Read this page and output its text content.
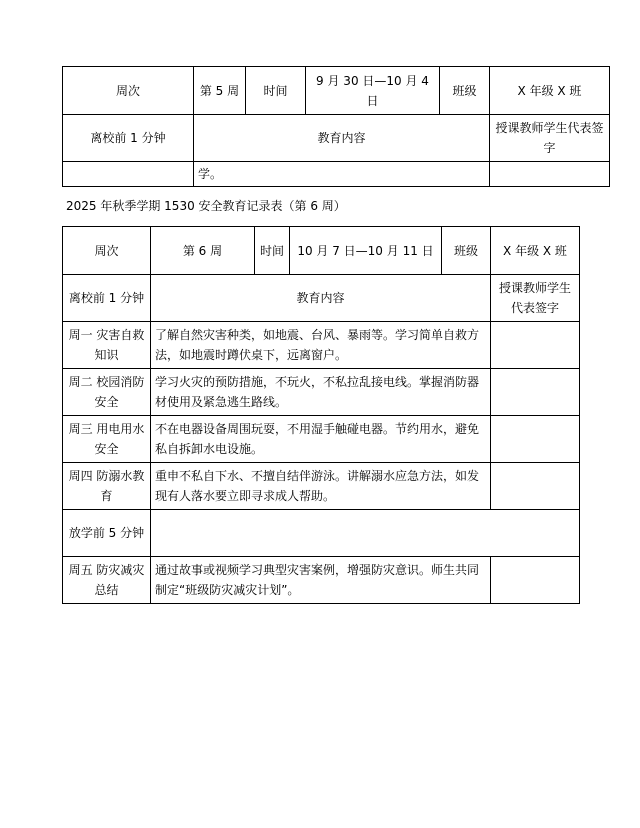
周次	第 5 周	时间	9 月 30 日—10 月 4 日	班级	X 年级 X 班
离校前 1 分钟	教育内容				授课教师学生代表签字
	学。				
2025 年秋季学期 1530 安全教育记录表（第 6 周）
周次	第 6 周	时间	10 月 7 日—10 月 11 日	班级	X 年级 X 班
离校前 1 分钟	教育内容				授课教师学生代表签字
周一 灾害自救知识	了解自然灾害种类，如地震、台风、暴雨等。学习简单自救方法，如地震时蹲伏桌下，远离窗户。				
周二 校园消防安全	学习火灾的预防措施，不玩火，不私拉乱接电线。掌握消防器材使用及紧急逃生路线。				
周三 用电用水安全	不在电器设备周围玩耍，不用湿手触碰电器。节约用水，避免私自拆卸水电设施。				
周四 防溺水教育	重申不私自下水、不擅自结伴游泳。讲解溺水应急方法，如发现有人落水要立即寻求成人帮助。				
放学前 5 分钟					
周五 防灾减灾总结	通过故事或视频学习典型灾害案例，增强防灾意识。师生共同制定“班级防灾减灾计划”。				
